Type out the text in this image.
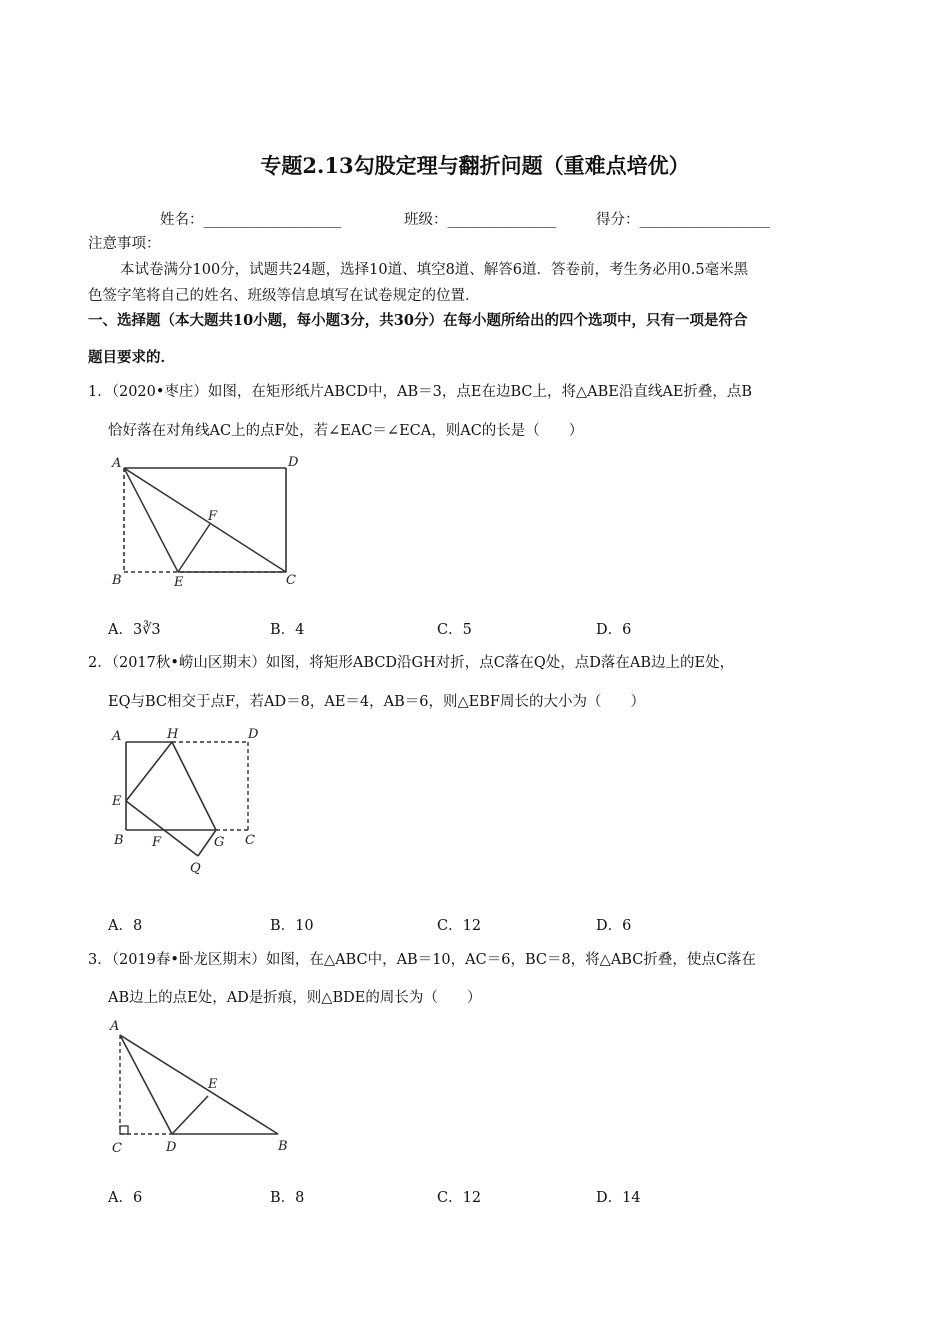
专题2.13勾股定理与翻折问题（重难点培优）
姓名：___________________	班级：_______________	得分：__________________
注意事项：
本试卷满分100分，试题共24题，选择10道、填空8道、解答6道．答卷前，考生务必用0.5毫米黑
色签字笔将自己的姓名、班级等信息填写在试卷规定的位置．
一、选择题（本大题共10小题，每小题3分，共30分）在每小题所给出的四个选项中，只有一项是符合
题目要求的．
1．（2020•枣庄）如图，在矩形纸片ABCD中，AB＝3，点E在边BC上，将△ABE沿直线AE折叠，点B
恰好落在对角线AC上的点F处，若∠EAC＝∠ECA，则AC的长是（　　）
A	D
F
B	E	C
A．3∛3	B．4	C．5	D．6
2．（2017秋•崂山区期末）如图，将矩形ABCD沿GH对折，点C落在Q处，点D落在AB边上的E处，
EQ与BC相交于点F，若AD＝8，AE＝4，AB＝6，则△EBF周长的大小为（　　）
A	H	D
E
B F	G C
Q
A．8	B．10	C．12	D．6
3．（2019春•卧龙区期末）如图，在△ABC中，AB＝10，AC＝6，BC＝8，将△ABC折叠，使点C落在
AB边上的点E处，AD是折痕，则△BDE的周长为（　　）
A
E
C	D	B
A．6	B．8	C．12	D．14
